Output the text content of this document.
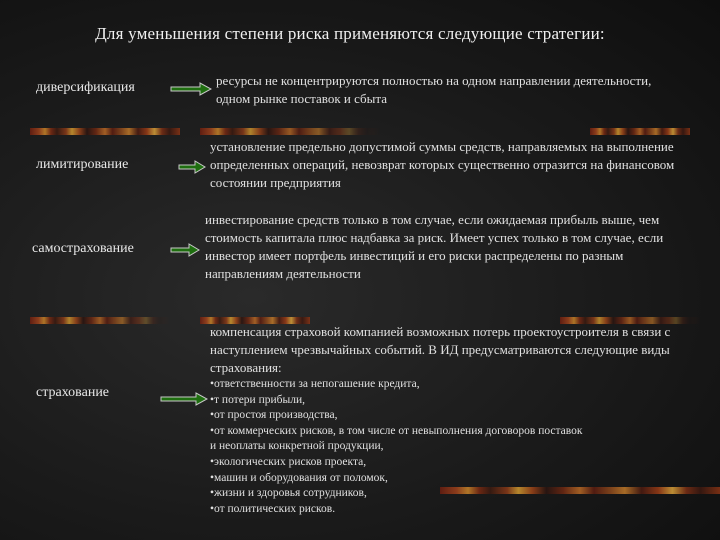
Для уменьшения степени риска применяются следующие стратегии:
диверсификация	ресурсы не концентрируются полностью на одном направлении деятельности, одном рынке поставок и сбыта
лимитирование
установление предельно допустимой суммы средств, направляемых на выполнение определенных операций, невозврат которых существенно отразится на финансовом состоянии предприятия
самострахование
инвестирование средств только в том случае, если ожидаемая прибыль выше, чем стоимость капитала плюс надбавка за риск. Имеет успех только в том случае, если инвестор имеет портфель инвестиций и его риски распределены по разным направлениям деятельности
страхование
компенсация страховой компанией возможных потерь проектоустроителя в связи с наступлением чрезвычайных событий. В ИД предусматриваются следующие виды страхования:
•ответственности за непогашение кредита,
•т потери прибыли,
•от простоя производства,
•от коммерческих рисков, в том числе от невыполнения договоров поставок
и неоплаты конкретной продукции,
•экологических рисков проекта,
•машин и оборудования от поломок,
•жизни и здоровья сотрудников,
•от политических рисков.
